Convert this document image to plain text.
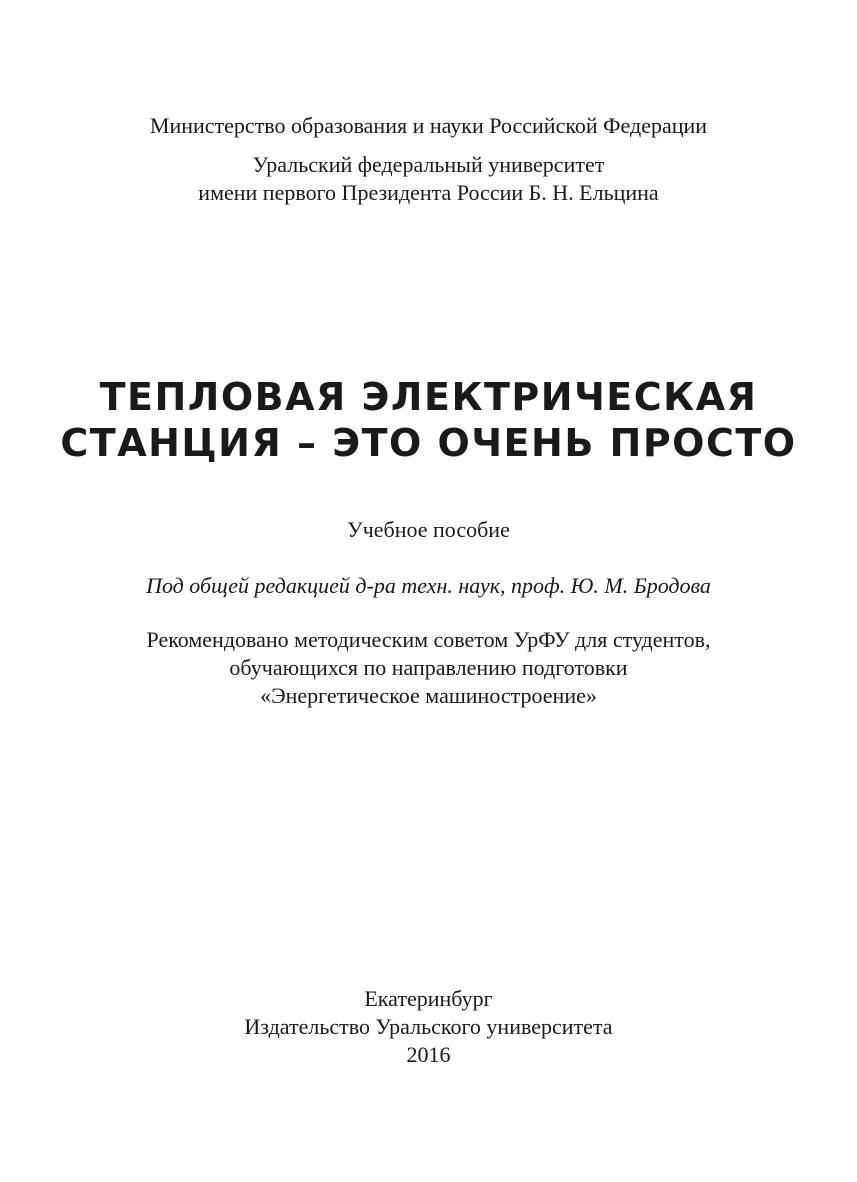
Министерство образования и науки Российской Федерации
Уральский федеральный университет
имени первого Президента России Б. Н. Ельцина
ТЕПЛОВАЯ ЭЛЕКТРИЧЕСКАЯ
СТАНЦИЯ – ЭТО ОЧЕНЬ ПРОСТО
Учебное пособие
Под общей редакцией д-ра техн. наук, проф. Ю. М. Бродова
Рекомендовано методическим советом УрФУ для студентов,
обучающихся по направлению подготовки
«Энергетическое машиностроение»
Екатеринбург
Издательство Уральского университета
2016
